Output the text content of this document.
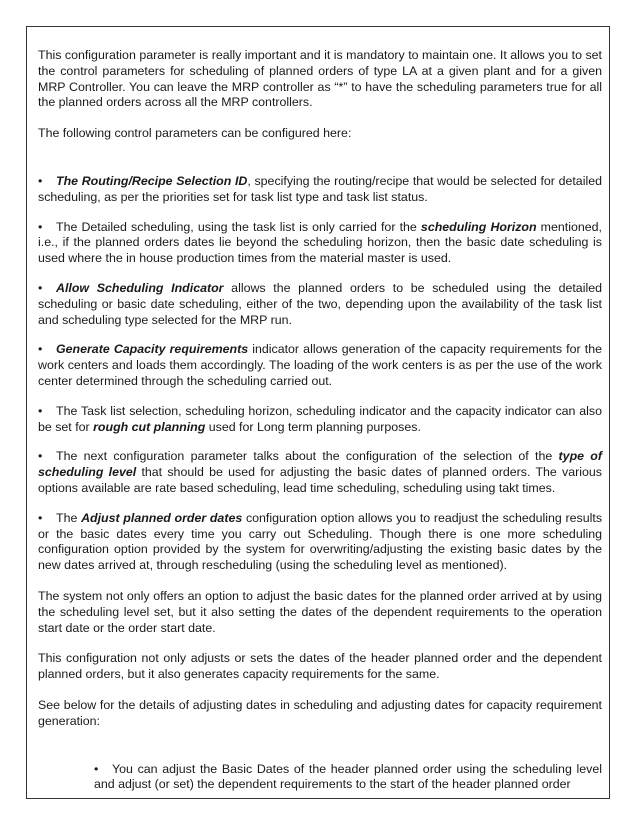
This configuration parameter is really important and it is mandatory to maintain one. It allows you to set the control parameters for scheduling of planned orders of type LA at a given plant and for a given MRP Controller. You can leave the MRP controller as “*” to have the scheduling parameters true for all the planned orders across all the MRP controllers.

The following control parameters can be configured here:

• The Routing/Recipe Selection ID, specifying the routing/recipe that would be selected for detailed scheduling, as per the priorities set for task list type and task list status.

• The Detailed scheduling, using the task list is only carried for the scheduling Horizon mentioned, i.e., if the planned orders dates lie beyond the scheduling horizon, then the basic date scheduling is used where the in house production times from the material master is used.

• Allow Scheduling Indicator allows the planned orders to be scheduled using the detailed scheduling or basic date scheduling, either of the two, depending upon the availability of the task list and scheduling type selected for the MRP run.

• Generate Capacity requirements indicator allows generation of the capacity requirements for the work centers and loads them accordingly. The loading of the work centers is as per the use of the work center determined through the scheduling carried out.

• The Task list selection, scheduling horizon, scheduling indicator and the capacity indicator can also be set for rough cut planning used for Long term planning purposes.

• The next configuration parameter talks about the configuration of the selection of the type of scheduling level that should be used for adjusting the basic dates of planned orders. The various options available are rate based scheduling, lead time scheduling, scheduling using takt times.

• The Adjust planned order dates configuration option allows you to readjust the scheduling results or the basic dates every time you carry out Scheduling. Though there is one more scheduling configuration option provided by the system for overwriting/adjusting the existing basic dates by the new dates arrived at, through rescheduling (using the scheduling level as mentioned).

The system not only offers an option to adjust the basic dates for the planned order arrived at by using the scheduling level set, but it also setting the dates of the dependent requirements to the operation start date or the order start date.

This configuration not only adjusts or sets the dates of the header planned order and the dependent planned orders, but it also generates capacity requirements for the same.

See below for the details of adjusting dates in scheduling and adjusting dates for capacity requirement generation:

• You can adjust the Basic Dates of the header planned order using the scheduling level and adjust (or set) the dependent requirements to the start of the header planned order
